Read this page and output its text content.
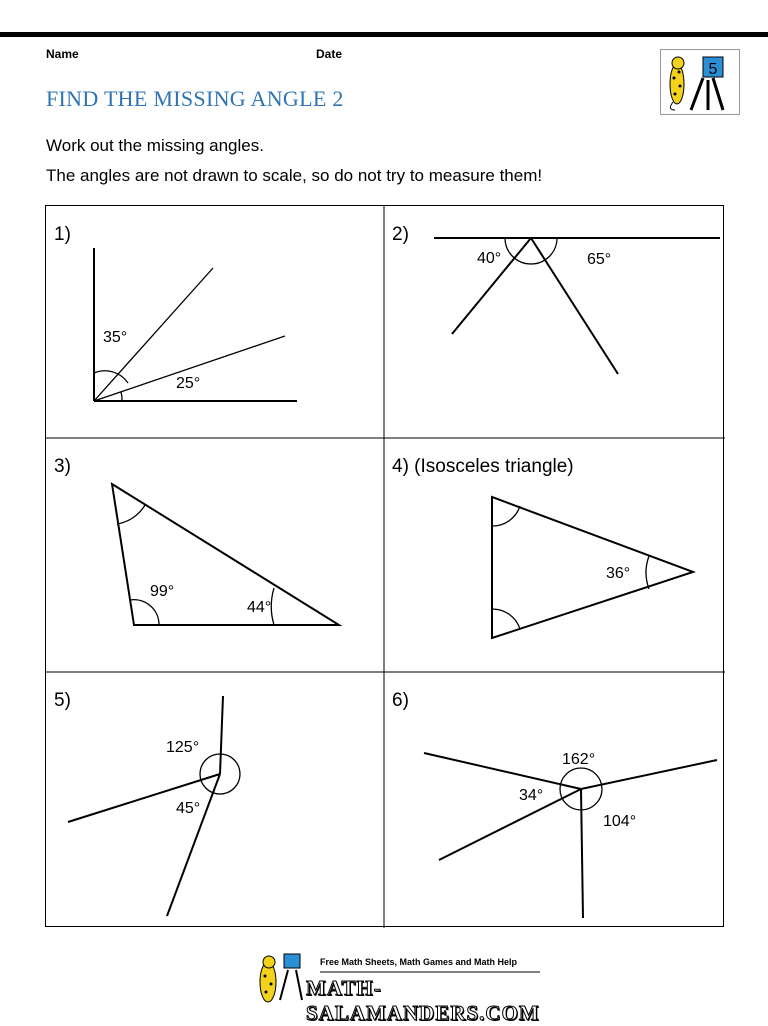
Name	Date
FIND THE MISSING ANGLE 2
5
Work out the missing angles.
The angles are not drawn to scale, so do not try to measure them!
1)
35°
25°
2)
40°	65°
3)
99°
44°
4) (Isosceles triangle)
36°
5)
125°
45°
6)
162°
34°
104°
Free Math Sheets, Math Games and Math Help
MATH-SALAMANDERS.COM
